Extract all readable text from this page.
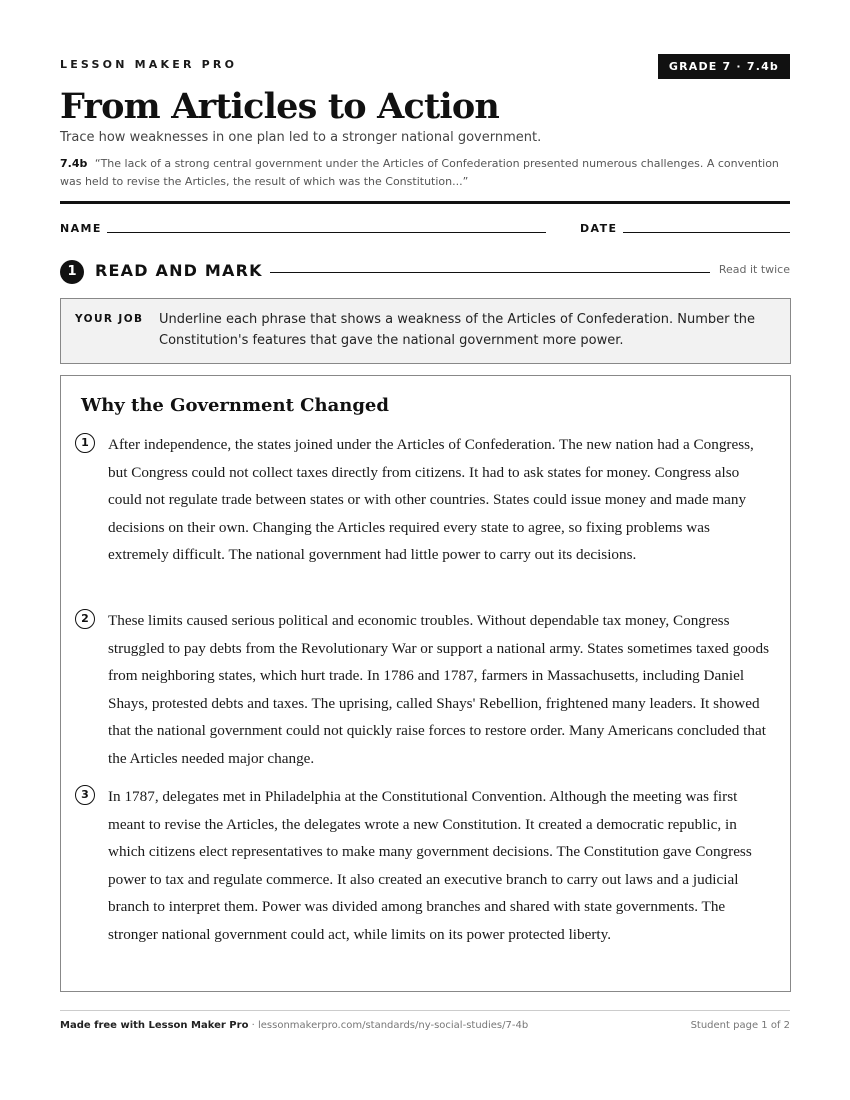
LESSON MAKER PRO	GRADE 7 · 7.4b
From Articles to Action
Trace how weaknesses in one plan led to a stronger national government.
7.4b “The lack of a strong central government under the Articles of Confederation presented numerous challenges. A convention was held to revise the Articles, the result of which was the Constitution...”
NAME	DATE
1	READ AND MARK	Read it twice
YOUR JOB Underline each phrase that shows a weakness of the Articles of Confederation. Number the Constitution's features that gave the national government more power.
Why the Government Changed
1	After independence, the states joined under the Articles of Confederation. The new nation had a Congress, but Congress could not collect taxes directly from citizens. It had to ask states for money. Congress also could not regulate trade between states or with other countries. States could issue money and made many decisions on their own. Changing the Articles required every state to agree, so fixing problems was extremely difficult. The national government had little power to carry out its decisions.

2	These limits caused serious political and economic troubles. Without dependable tax money, Congress struggled to pay debts from the Revolutionary War or support a national army. States sometimes taxed goods from neighboring states, which hurt trade. In 1786 and 1787, farmers in Massachusetts, including Daniel Shays, protested debts and taxes. The uprising, called Shays' Rebellion, frightened many leaders. It showed that the national government could not quickly raise forces to restore order. Many Americans concluded that the Articles needed major change.

3	In 1787, delegates met in Philadelphia at the Constitutional Convention. Although the meeting was first meant to revise the Articles, the delegates wrote a new Constitution. It created a democratic republic, in which citizens elect representatives to make many government decisions. The Constitution gave Congress power to tax and regulate commerce. It also created an executive branch to carry out laws and a judicial branch to interpret them. Power was divided among branches and shared with state governments. The stronger national government could act, while limits on its power protected liberty.

Made free with Lesson Maker Pro · lessonmakerpro.com/standards/ny-social-studies/7-4b	Student page 1 of 2
